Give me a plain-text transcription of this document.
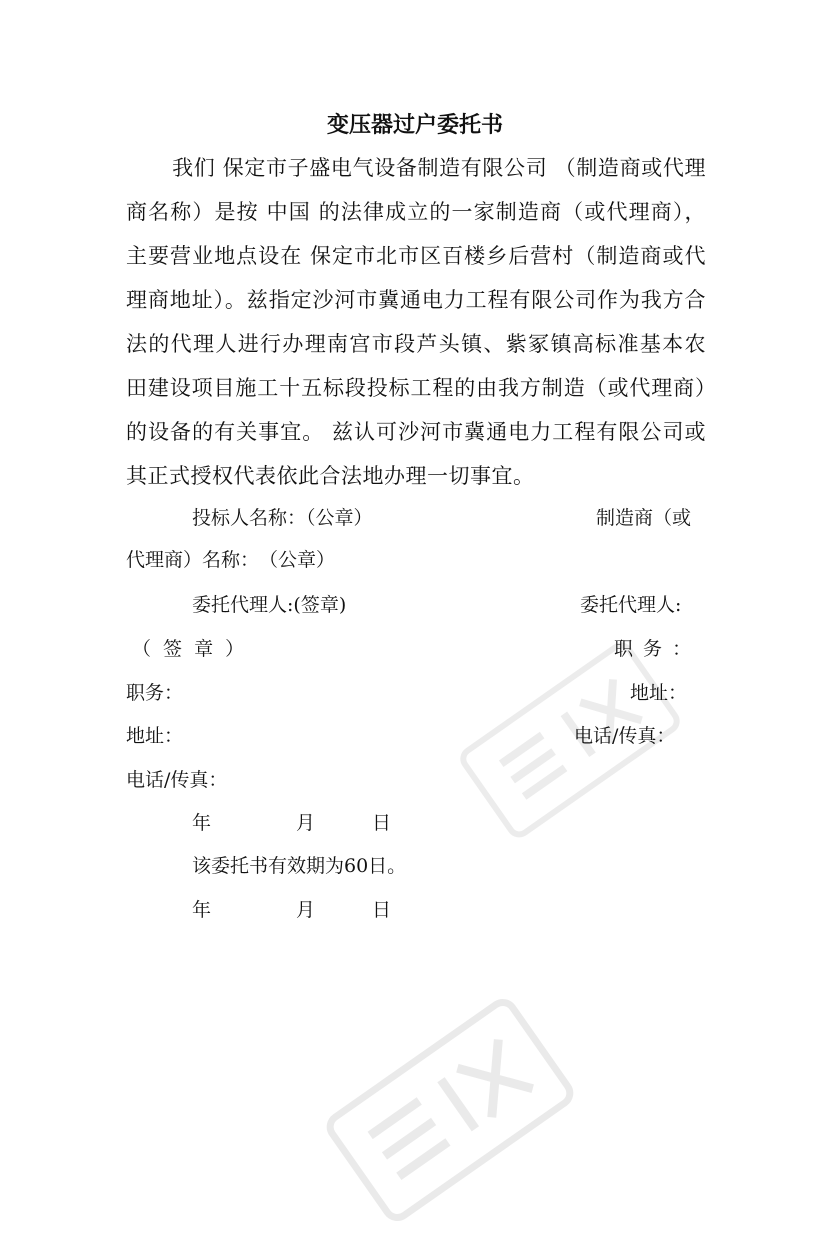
变压器过户委托书
我们 保定市子盛电气设备制造有限公司 （制造商或代理商名称）是按 中国 的法律成立的一家制造商（或代理商），主要营业地点设在 保定市北市区百楼乡后营村（制造商或代理商地址）。兹指定沙河市冀通电力工程有限公司作为我方合法的代理人进行办理南宫市段芦头镇、紫冢镇高标准基本农田建设项目施工十五标段投标工程的由我方制造（或代理商）的设备的有关事宜。 兹认可沙河市冀通电力工程有限公司或其正式授权代表依此合法地办理一切事宜。
投标人名称：（公章）	制造商（或
代理商）名称：　（公章）
委托代理人:(签章)	委托代理人:
（ 签 章 ）	职 务 ：
职务：	地址：
地址：	电话/传真：
电话/传真：
年	月	日
该委托书有效期为60日。
年	月	日
